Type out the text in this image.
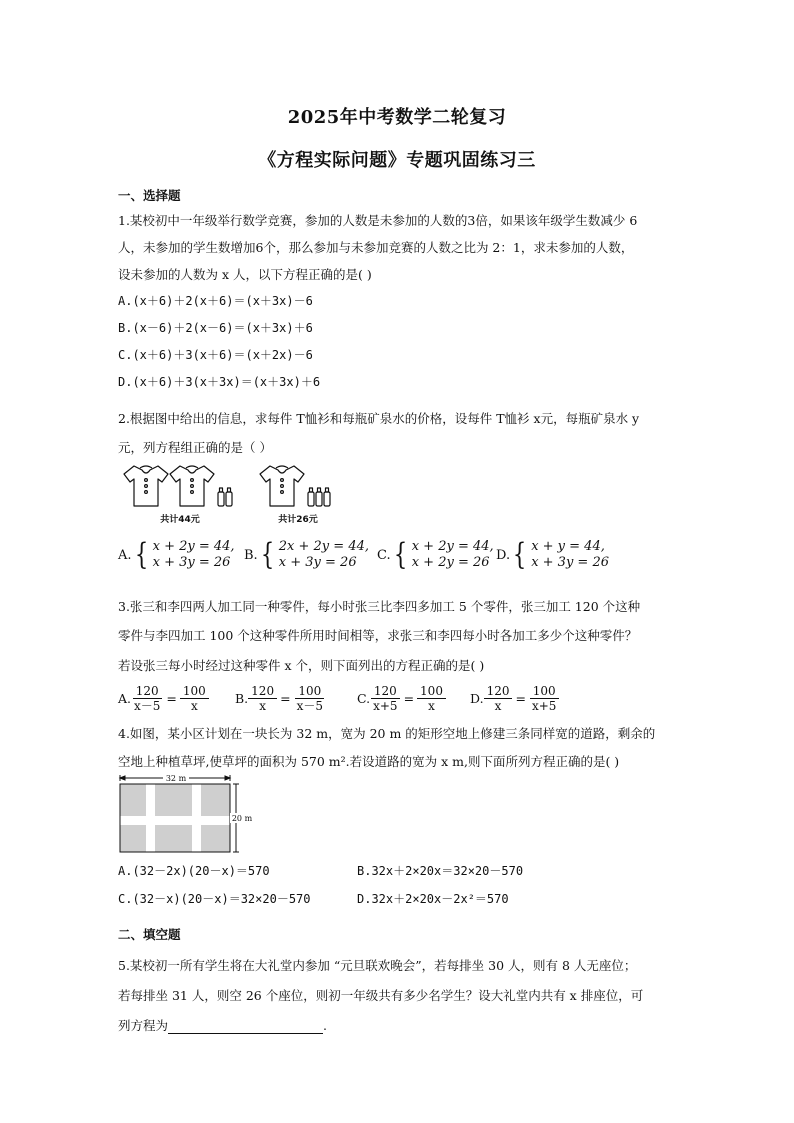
2025年中考数学二轮复习
《方程实际问题》专题巩固练习三
一、选择题
1.某校初中一年级举行数学竞赛，参加的人数是未参加的人数的3倍，如果该年级学生数减少 6
人，未参加的学生数增加6个，那么参加与未参加竞赛的人数之比为 2：1，求未参加的人数，
设未参加的人数为 x 人，以下方程正确的是( )
A.(x＋6)＋2(x＋6)＝(x＋3x)－6
B.(x－6)＋2(x－6)＝(x＋3x)＋6
C.(x＋6)＋3(x＋6)＝(x＋2x)－6
D.(x＋6)＋3(x＋3x)＝(x＋3x)＋6
2.根据图中给出的信息，求每件 T恤衫和每瓶矿泉水的价格，设每件 T恤衫 x元，每瓶矿泉水 y
元，列方程组正确的是（ ）
共计44元	共计26元
A. { x + 2y = 44,
x + 3y = 26	B. { 2x + 2y = 44,
x + 3y = 26	C. { x + 2y = 44,
x + 2y = 26 D. { x + y = 44,
x + 3y = 26
3.张三和李四两人加工同一种零件，每小时张三比李四多加工 5 个零件，张三加工 120 个这种
零件与李四加工 100 个这种零件所用时间相等，求张三和李四每小时各加工多少个这种零件？
若设张三每小时经过这种零件 x 个，则下面列出的方程正确的是( )
A. $\frac{120}{x-5} = \frac{100}{x} B$. $\frac{120}{x} = \frac{100}{x-5} C$. $\frac{120}{x+5} = \frac{100}{x} D$. $\frac{120}{x} = \frac{100}{x+5}$
4.如图，某小区计划在一块长为 32 m，宽为 20 m 的矩形空地上修建三条同样宽的道路，剩余的
空地上种植草坪,使草坪的面积为 570 m².若设道路的宽为 x m,则下面所列方程正确的是( )
32 m
20 m
A.(32－2x)(20－x)＝570	B.32x＋2×20x＝32×20－570
C.(32－x)(20－x)＝32×20－570	D.32x＋2×20x－2x²＝570
二、填空题
5.某校初一所有学生将在大礼堂内参加 “元旦联欢晚会”，若每排坐 30 人，则有 8 人无座位；
若每排坐 31 人，则空 26 个座位，则初一年级共有多少名学生？设大礼堂内共有 x 排座位，可
列方程为	.
